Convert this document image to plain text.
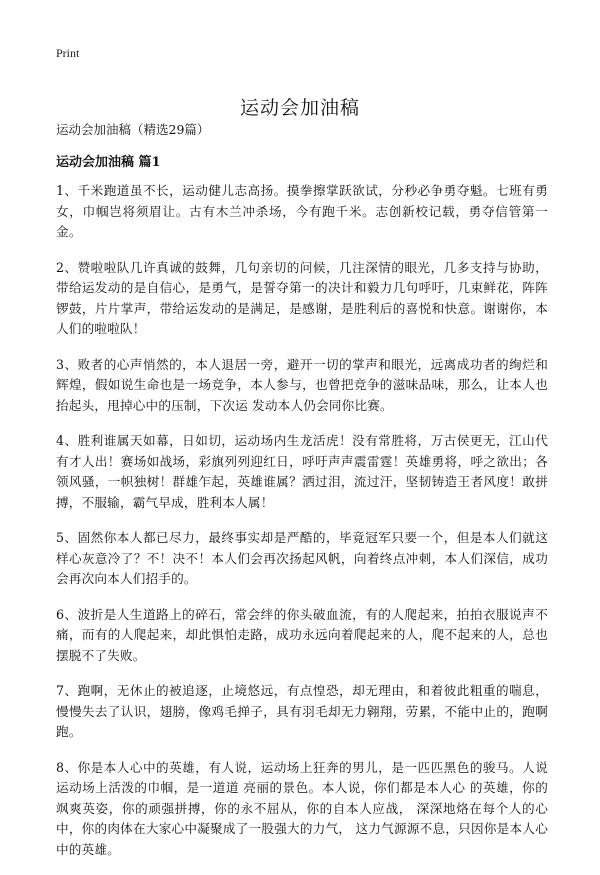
Print
运动会加油稿
运动会加油稿（精选29篇）
运动会加油稿 篇1

1、千米跑道虽不长，运动健儿志高扬。摸拳擦掌跃欲试，分秒必争勇夺魁。七班有勇女，巾帼岂将须眉让。古有木兰冲杀场，今有跑千米。志创新校记载，勇夺信管第一金。

2、赞啦啦队几许真诚的鼓舞，几句亲切的问候，几注深情的眼光，几多支持与协助，带给运发动的是自信心，是勇气，是誓夺第一的决计和毅力几句呼吁，几束鲜花，阵阵锣鼓，片片掌声，带给运发动的是满足，是感谢，是胜利后的喜悦和快意。谢谢你，本人们的啦啦队！

3、败者的心声悄然的，本人退居一旁，避开一切的掌声和眼光，远离成功者的绚烂和辉煌，假如说生命也是一场竞争，本人参与，也曾把竞争的滋味品味，那么，让本人也抬起头，甩掉心中的压制，下次运 发动本人仍会同你比赛。

4、胜利谁属天如幕，日如切，运动场内生龙活虎！没有常胜将，万古侯更无，江山代有才人出！赛场如战场，彩旗列列迎红日，呼吁声声震雷霆！英雄勇将，呼之欲出；各领风骚，一帜独树！群雄乍起，英雄谁属？洒过泪，流过汗，坚韧铸造王者风度！敢拼搏，不服输，霸气早成，胜利本人属！

5、固然你本人都已尽力，最终事实却是严酷的，毕竟冠军只要一个，但是本人们就这样心灰意冷了？不！决不！本人们会再次扬起风帆，向着终点冲刺，本人们深信，成功会再次向本人们招手的。

6、波折是人生道路上的碎石，常会绊的你头破血流，有的人爬起来，拍拍衣服说声不痛，而有的人爬起来，却此惧怕走路，成功永远向着爬起来的人，爬不起来的人，总也摆脱不了失败。

7、跑啊，无休止的被追逐，止境悠远，有点惶恐，却无理由，和着彼此粗重的喘息，慢慢失去了认识，翅膀，像鸡毛掸子，具有羽毛却无力翱翔，劳累，不能中止的，跑啊跑。

8、你是本人心中的英雄，有人说，运动场上狂奔的男儿，是一匹匹黑色的骏马。人说运动场上活泼的巾帼，是一道道 亮丽的景色。本人说，你们都是本人心 的英雄，你的飒爽英姿，你的顽强拼搏，你的永不屈从，你的自本人应战， 深深地烙在每个人的心中，你的肉体在大家心中凝聚成了一股强大的力气， 这力气源源不息，只因你是本人心中的英雄。
